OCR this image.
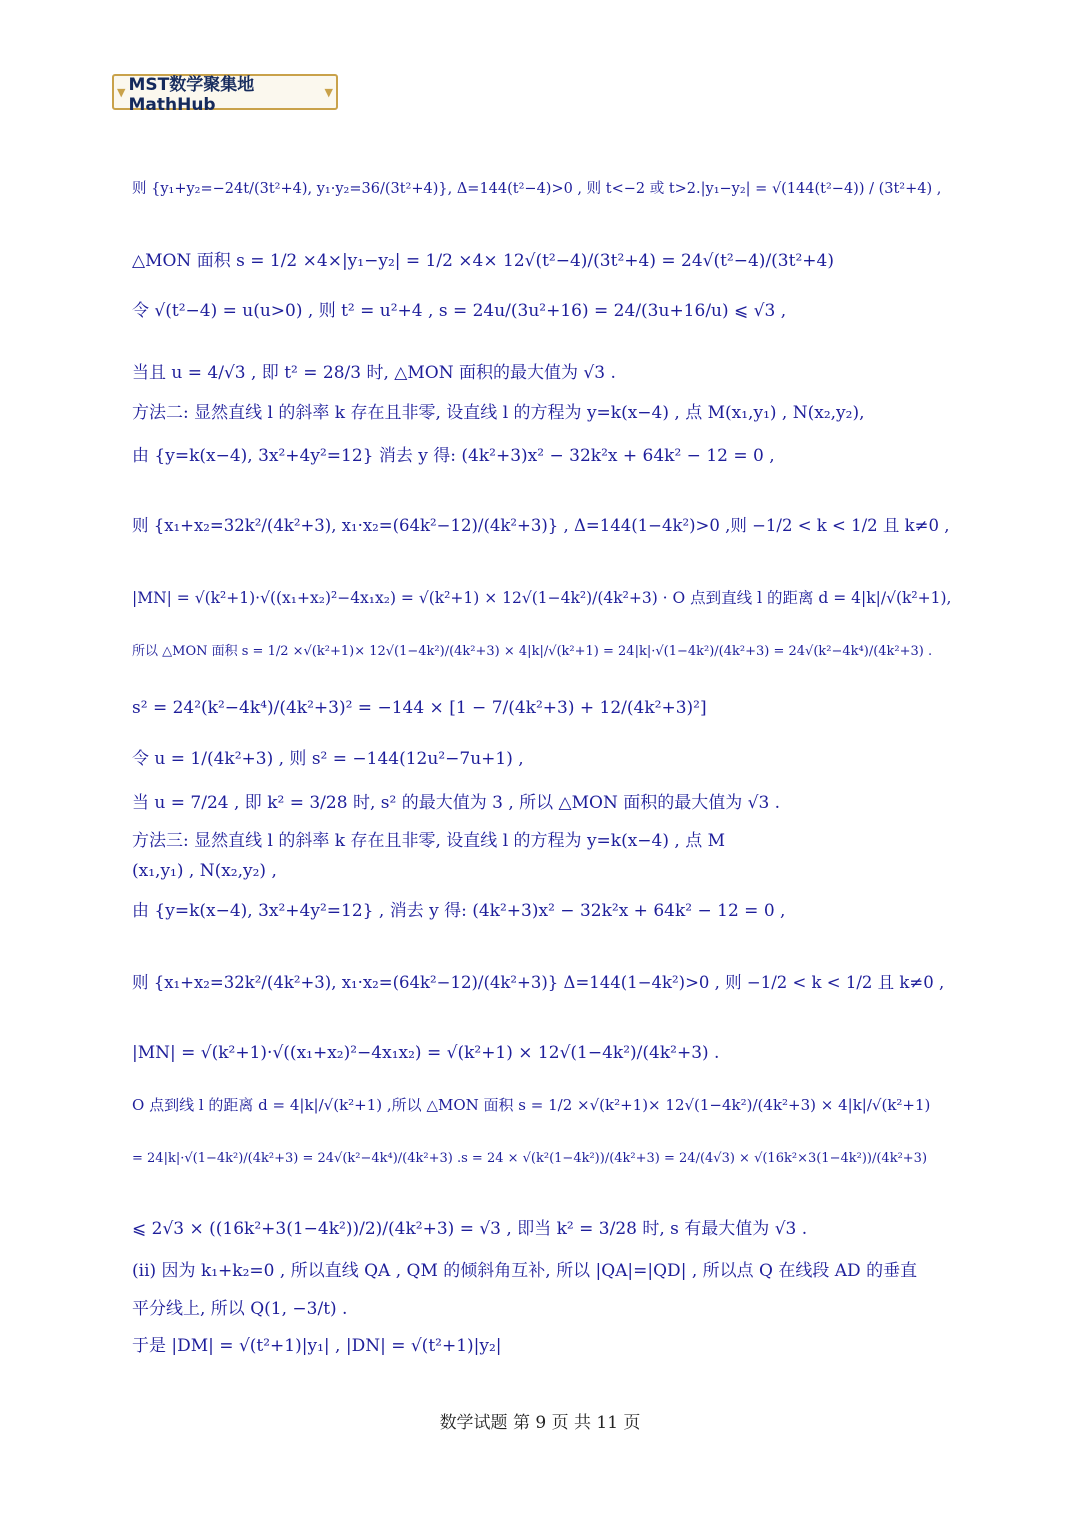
▼ MST数学聚集地MathHub
▼
则 {y₁+y₂=−24t/(3t²+4), y₁·y₂=36/(3t²+4)}, Δ=144(t²−4)>0 , 则 t<−2 或 t>2.|y₁−y₂| = √(144(t²−4)) / (3t²+4) ,
△MON 面积 s = 1/2 ×4×|y₁−y₂| = 1/2 ×4× 12√(t²−4)/(3t²+4) = 24√(t²−4)/(3t²+4)
令 √(t²−4) = u(u>0) , 则 t² = u²+4 , s = 24u/(3u²+16) = 24/(3u+16/u) ⩽ √3 ,
当且 u = 4/√3 , 即 t² = 28/3 时, △MON 面积的最大值为 √3 .
方法二: 显然直线 l 的斜率 k 存在且非零, 设直线 l 的方程为 y=k(x−4) , 点 M(x₁,y₁) , N(x₂,y₂),
由 {y=k(x−4), 3x²+4y²=12} 消去 y 得: (4k²+3)x² − 32k²x + 64k² − 12 = 0 ,
则 {x₁+x₂=32k²/(4k²+3), x₁·x₂=(64k²−12)/(4k²+3)} , Δ=144(1−4k²)>0 ,则 −1/2 < k < 1/2 且 k≠0 ,
|MN| = √(k²+1)·√((x₁+x₂)²−4x₁x₂) = √(k²+1) × 12√(1−4k²)/(4k²+3) · O 点到直线 l 的距离 d = 4|k|/√(k²+1),
所以 △MON 面积 s = 1/2 ×√(k²+1)× 12√(1−4k²)/(4k²+3) × 4|k|/√(k²+1) = 24|k|·√(1−4k²)/(4k²+3) = 24√(k²−4k⁴)/(4k²+3) .
s² = 24²(k²−4k⁴)/(4k²+3)² = −144 × [1 − 7/(4k²+3) + 12/(4k²+3)²]
令 u = 1/(4k²+3) , 则 s² = −144(12u²−7u+1) ,
当 u = 7/24 , 即 k² = 3/28 时, s² 的最大值为 3 , 所以 △MON 面积的最大值为 √3 .
方法三: 显然直线 l 的斜率 k 存在且非零, 设直线 l 的方程为 y=k(x−4) , 点 M
(x₁,y₁) , N(x₂,y₂) ,
由 {y=k(x−4), 3x²+4y²=12} , 消去 y 得: (4k²+3)x² − 32k²x + 64k² − 12 = 0 ,
则 {x₁+x₂=32k²/(4k²+3), x₁·x₂=(64k²−12)/(4k²+3)} Δ=144(1−4k²)>0 , 则 −1/2 < k < 1/2 且 k≠0 ,
|MN| = √(k²+1)·√((x₁+x₂)²−4x₁x₂) = √(k²+1) × 12√(1−4k²)/(4k²+3) .
O 点到线 l 的距离 d = 4|k|/√(k²+1) ,所以 △MON 面积 s = 1/2 ×√(k²+1)× 12√(1−4k²)/(4k²+3) × 4|k|/√(k²+1)
= 24|k|·√(1−4k²)/(4k²+3) = 24√(k²−4k⁴)/(4k²+3) .s = 24 × √(k²(1−4k²))/(4k²+3) = 24/(4√3) × √(16k²×3(1−4k²))/(4k²+3)
⩽ 2√3 × ((16k²+3(1−4k²))/2)/(4k²+3) = √3 , 即当 k² = 3/28 时, s 有最大值为 √3 .
(ii) 因为 k₁+k₂=0 , 所以直线 QA , QM 的倾斜角互补, 所以 |QA|=|QD| , 所以点 Q 在线段 AD 的垂直
平分线上, 所以 Q(1, −3/t) .
于是 |DM| = √(t²+1)|y₁| , |DN| = √(t²+1)|y₂|
数学试题 第 9 页 共 11 页
